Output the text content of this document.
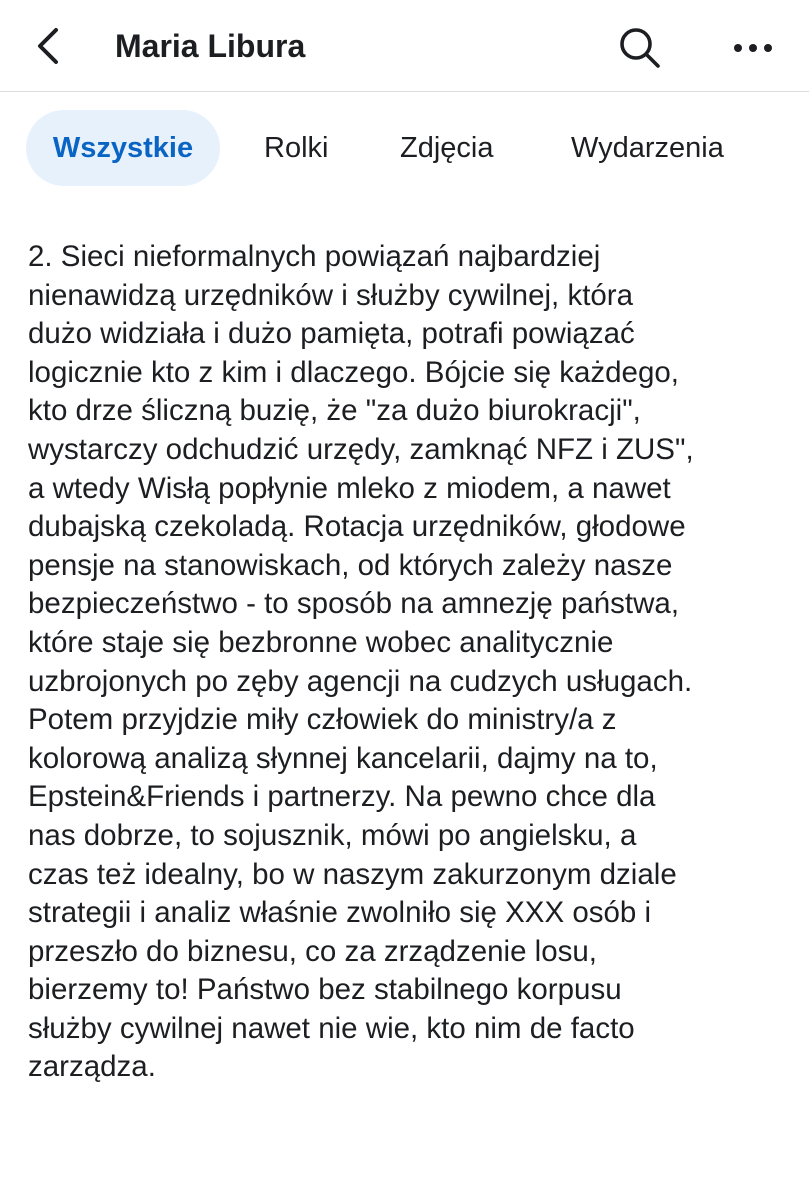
Maria Libura
Wszystkie	Rolki Zdjęcia	Wydarzenia
2. Sieci nieformalnych powiązań najbardziej
nienawidzą urzędników i służby cywilnej, która
dużo widziała i dużo pamięta, potrafi powiązać
logicznie kto z kim i dlaczego. Bójcie się każdego,
kto drze śliczną buzię, że "za dużo biurokracji",
wystarczy odchudzić urzędy, zamknąć NFZ i ZUS",
a wtedy Wisłą popłynie mleko z miodem, a nawet
dubajską czekoladą. Rotacja urzędników, głodowe
pensje na stanowiskach, od których zależy nasze
bezpieczeństwo - to sposób na amnezję państwa,
które staje się bezbronne wobec analitycznie
uzbrojonych po zęby agencji na cudzych usługach.
Potem przyjdzie miły człowiek do ministry/a z
kolorową analizą słynnej kancelarii, dajmy na to,
Epstein&Friends i partnerzy. Na pewno chce dla
nas dobrze, to sojusznik, mówi po angielsku, a
czas też idealny, bo w naszym zakurzonym dziale
strategii i analiz właśnie zwolniło się XXX osób i
przeszło do biznesu, co za zrządzenie losu,
bierzemy to! Państwo bez stabilnego korpusu
służby cywilnej nawet nie wie, kto nim de facto
zarządza.
